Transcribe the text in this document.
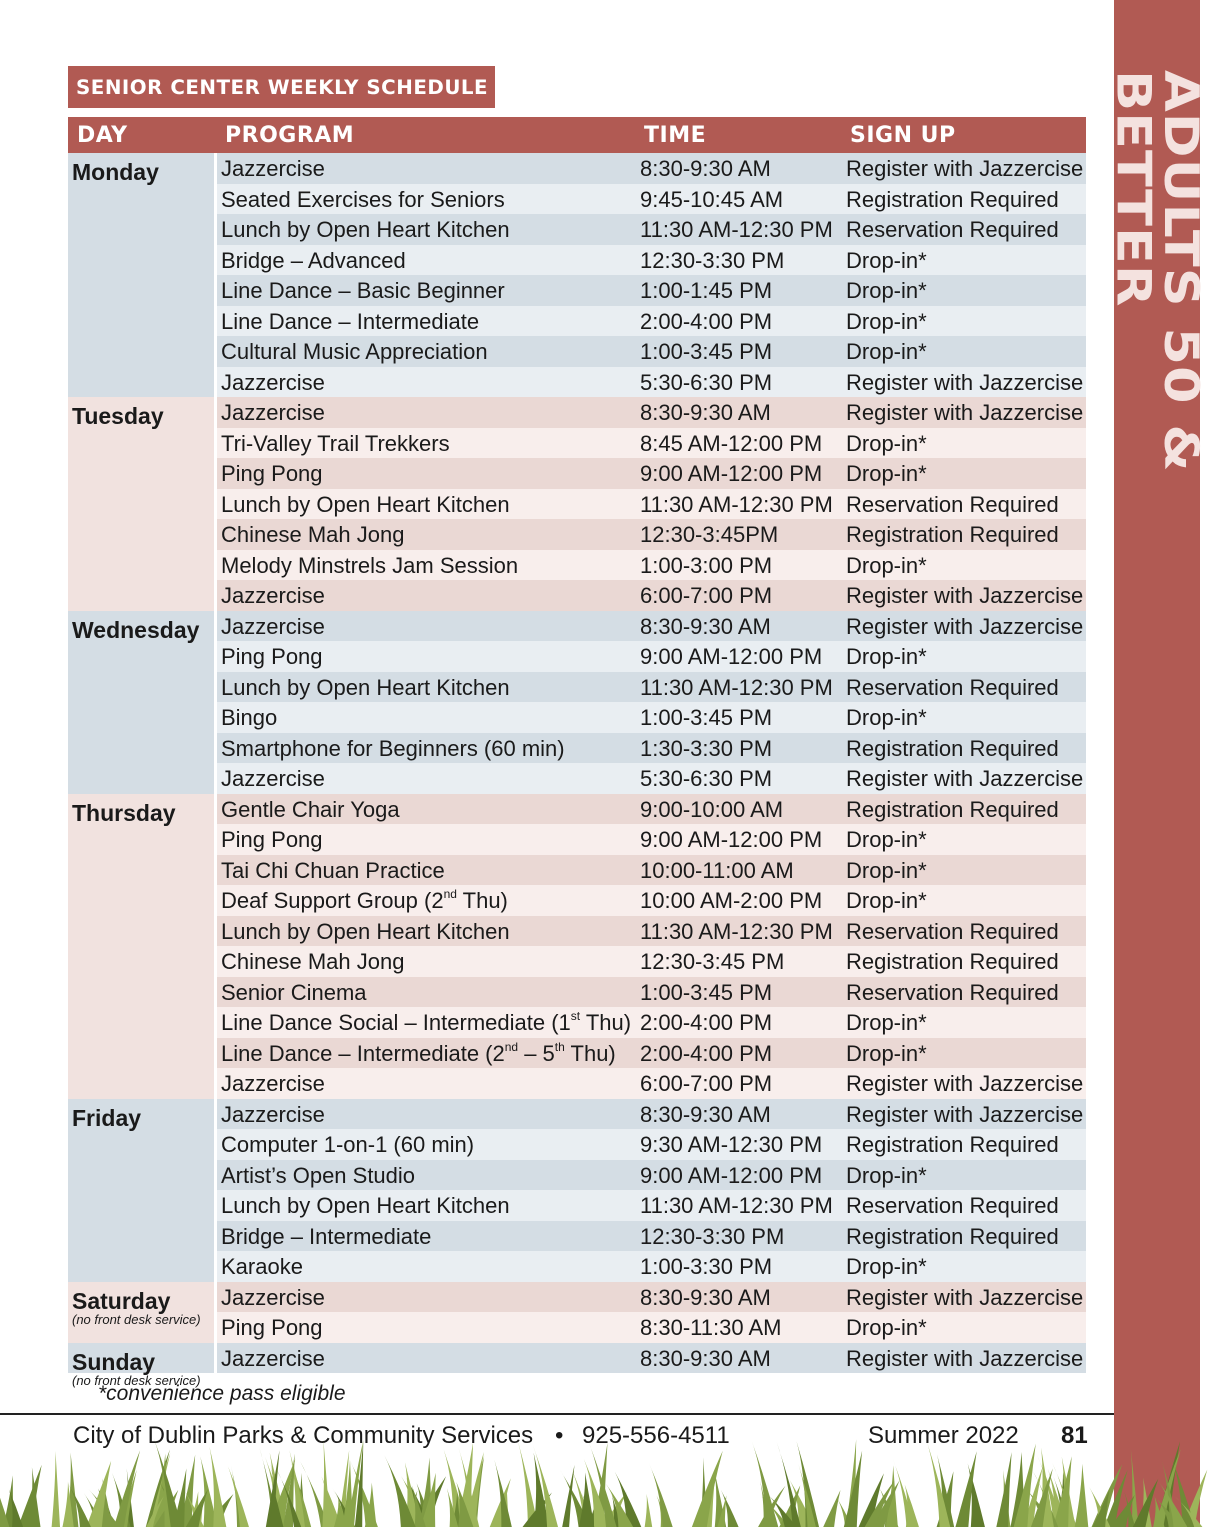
ADULTS 50 & BETTER
SENIOR CENTER WEEKLY SCHEDULE
DAY	PROGRAM	TIME	SIGN UP
Monday	Jazzercise	8:30-9:30 AM	Register with Jazzercise
Seated Exercises for Seniors	9:45-10:45 AM	Registration Required
Lunch by Open Heart Kitchen	11:30 AM-12:30 PM Reservation Required
Bridge – Advanced	12:30-3:30 PM	Drop-in*
Line Dance – Basic Beginner	1:00-1:45 PM	Drop-in*
Line Dance – Intermediate	2:00-4:00 PM	Drop-in*
Cultural Music Appreciation	1:00-3:45 PM	Drop-in*
Jazzercise	5:30-6:30 PM	Register with Jazzercise
Tuesday	Jazzercise	8:30-9:30 AM	Register with Jazzercise
Tri-Valley Trail Trekkers	8:45 AM-12:00 PM Drop-in*
Ping Pong	9:00 AM-12:00 PM Drop-in*
Lunch by Open Heart Kitchen	11:30 AM-12:30 PM Reservation Required
Chinese Mah Jong	12:30-3:45PM	Registration Required
Melody Minstrels Jam Session	1:00-3:00 PM	Drop-in*
Jazzercise	6:00-7:00 PM	Register with Jazzercise
Wednesday Jazzercise	8:30-9:30 AM	Register with Jazzercise
Ping Pong	9:00 AM-12:00 PM Drop-in*
Lunch by Open Heart Kitchen	11:30 AM-12:30 PM Reservation Required
Bingo	1:00-3:45 PM	Drop-in*
Smartphone for Beginners (60 min)	1:30-3:30 PM	Registration Required
Jazzercise	5:30-6:30 PM	Register with Jazzercise
Thursday Gentle Chair Yoga	9:00-10:00 AM	Registration Required
Ping Pong	9:00 AM-12:00 PM Drop-in*
Tai Chi Chuan Practice	10:00-11:00 AM Drop-in*
Deaf Support Group (2nd Thu)	10:00 AM-2:00 PM Drop-in*
Lunch by Open Heart Kitchen	11:30 AM-12:30 PM Reservation Required
Chinese Mah Jong	12:30-3:45 PM	Registration Required
Senior Cinema	1:00-3:45 PM	Reservation Required
Line Dance Social – Intermediate (1st Thu) 2:00-4:00 PM	Drop-in*
Line Dance – Intermediate (2nd – 5th Thu) 2:00-4:00 PM	Drop-in*
Jazzercise	6:00-7:00 PM	Register with Jazzercise
Friday	Jazzercise	8:30-9:30 AM	Register with Jazzercise
Computer 1-on-1 (60 min)	9:30 AM-12:30 PM Registration Required
Artist’s Open Studio	9:00 AM-12:00 PM Drop-in*
Lunch by Open Heart Kitchen	11:30 AM-12:30 PM Reservation Required
Bridge – Intermediate	12:30-3:30 PM	Registration Required
Karaoke	1:00-3:30 PM	Drop-in*
Saturday
(no front desk service)
Jazzercise	8:30-9:30 AM	Register with Jazzercise
Ping Pong	8:30-11:30 AM	Drop-in*
Sunday
(no front desk service)
Jazzercise	8:30-9:30 AM	Register with Jazzercise
*convenience pass eligible
City of Dublin Parks & Community Services • 925-556-4511	Summer 2022 81
